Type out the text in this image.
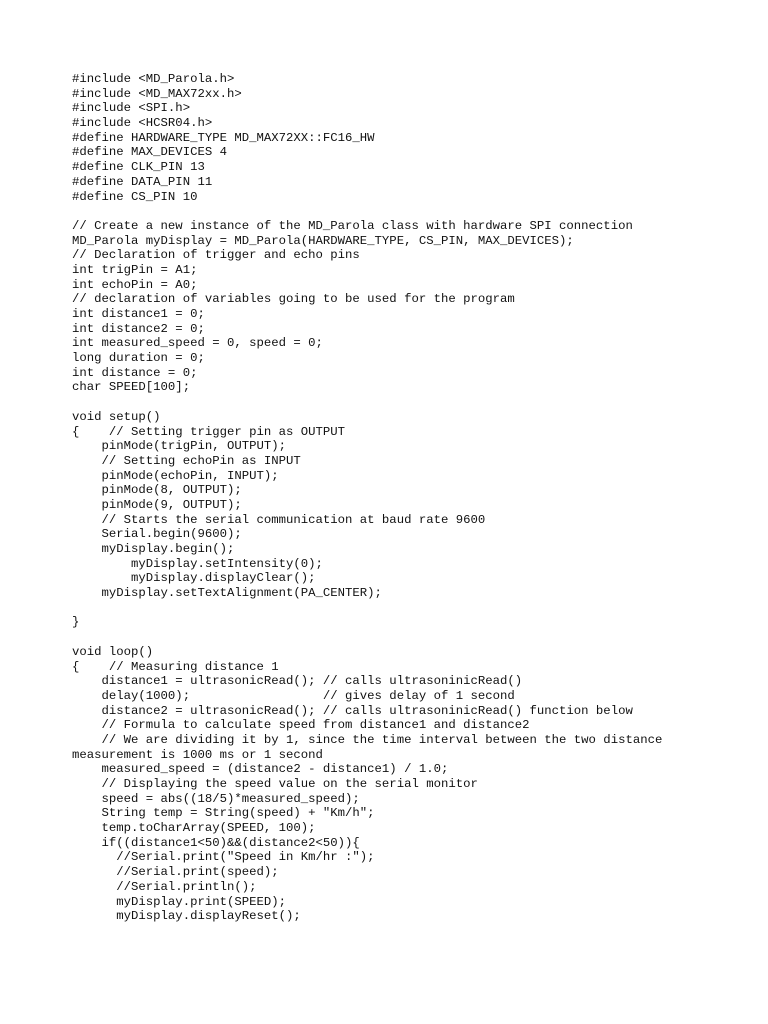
#include <MD_Parola.h>
#include <MD_MAX72xx.h>
#include <SPI.h>
#include <HCSR04.h>
#define HARDWARE_TYPE MD_MAX72XX::FC16_HW
#define MAX_DEVICES 4
#define CLK_PIN 13
#define DATA_PIN 11
#define CS_PIN 10
// Create a new instance of the MD_Parola class with hardware SPI connection
MD_Parola myDisplay = MD_Parola(HARDWARE_TYPE, CS_PIN, MAX_DEVICES);
// Declaration of trigger and echo pins
int trigPin = A1;
int echoPin = A0;
// declaration of variables going to be used for the program
int distance1 = 0;
int distance2 = 0;
int measured_speed = 0, speed = 0;
long duration = 0;
int distance = 0;
char SPEED[100];
void setup()
{    // Setting trigger pin as OUTPUT
pinMode(trigPin, OUTPUT);
// Setting echoPin as INPUT
pinMode(echoPin, INPUT);
pinMode(8, OUTPUT);
pinMode(9, OUTPUT);
// Starts the serial communication at baud rate 9600
Serial.begin(9600);
myDisplay.begin();
myDisplay.setIntensity(0);
myDisplay.displayClear();
myDisplay.setTextAlignment(PA_CENTER);
}
void loop()
{    // Measuring distance 1
distance1 = ultrasonicRead(); // calls ultrasoninicRead()
delay(1000);                  // gives delay of 1 second
distance2 = ultrasonicRead(); // calls ultrasoninicRead() function below
// Formula to calculate speed from distance1 and distance2
// We are dividing it by 1, since the time interval between the two distance
measurement is 1000 ms or 1 second
measured_speed = (distance2 - distance1) / 1.0;
// Displaying the speed value on the serial monitor
speed = abs((18/5)*measured_speed);
String temp = String(speed) + "Km/h";
temp.toCharArray(SPEED, 100);
if((distance1<50)&&(distance2<50)){
//Serial.print("Speed in Km/hr :");
//Serial.print(speed);
//Serial.println();
myDisplay.print(SPEED);
myDisplay.displayReset();
